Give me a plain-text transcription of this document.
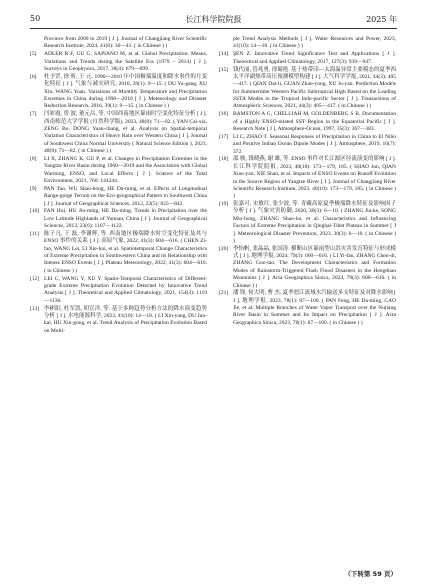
50	长江科学院院报	2025 年
Province from 2000 to 2019 [ J ]. Journal of Changjiang River Scientific Research Institute, 2024, 41(6): 36—41. ( in Chinese ) )
[5] ADLER R F, GU G, SAPIANO M, et al. Global Precipitation: Means, Variations and Trends during the Satellite Era (1979 – 2014) [ J ]. Surveys in Geophysics, 2017, 38(4): 679—699.
[6] 杜予罡, 徐 昕, 王 元. 1990—2010 年中国极端温度和降水事件的月变化特征 [ J ]. 气象与减灾研究, 2016, 39(1): 9—15. ( DU Yu-gang, XU Xin, WANG Yuan. Variations of Monthly Temperature and Precipitation Extremes in China during 1990—2010 [ J ]. Meteorology and Disaster Reduction Research, 2016, 39(1): 9—15. ( in Chinese ) )
[7] 闫彩霞, 曾 波, 董元昌, 等. 中国西南地区暴雨时空变化特征分析 [ J ]. 西南师范大学学报 (自然科学版), 2023, 48(8): 71—82. ( YAN Cai-xia, ZENG Bo, DONG Yuan-chang, et al. Analysis on Spatial-temporal Variation Characteristics of Heavy Rain over Western China [ J ]. Journal of Southwest China Normal University ( Natural Science Edition ), 2023, 48(8): 71—82. ( in Chinese ) )
[8] LI X, ZHANG K, GU P, et al. Changes in Precipitation Extremes in the Yangtze River Basin during 1960—2019 and the Association with Global Warming, ENSO, and Local Effects [ J ]. Science of the Total Environment, 2021, 760: 144244.
[9] PAN Tao, WU Shao-hong, HE Da-ming, et al. Effects of Longitudinal Range-gorge Terrain on the Eco-geographical Pattern in Southwest China [ J ]. Journal of Geographical Sciences, 2012, 22(5): 825—842.
[10] FAN Hui, HU Jin-ming, HE Da-ming. Trends in Precipitation over the Low Latitude Highlands of Yunnan, China [ J ]. Journal of Geographical Sciences, 2013, 23(6): 1107—1122.
[11] 陈子凡, 王 磊, 李谢辉, 等. 西南地区极端降水时空变化特征及其与 ENSO 事件的关系 [ J ]. 高原气象, 2022, 41(3): 604—616. ( CHEN Zi-fan, WANG Lei, LI Xie-hui, et al. Spatiotemporal Change Characteristics of Extreme Precipitation in Southwestern China and its Relationship with Intense ENSO Events [ J ]. Plateau Meteorology, 2022, 41(3): 604—616. ( in Chinese ) )
[12] LEI C, WANG Y, XU Y. Spatio-Temporal Characteristics of Different-grade Extreme Precipitation Evolution Detected by Innovative Trend Analysis [ J ]. Theoretical and Applied Climatology, 2021, 154(3): 1119—1136.
[13] 李彬阳, 杜军凯, 胡宣洋, 等. 基于多种趋势分析方法的降水演变趋势分析 [ J ]. 水电能源科学, 2023, 41(10): 14—18. ( LI Xin-yang, DU Jun-kai, HU Xin-gong, et al. Trend Analysis of Precipitation Evolution Based on Multi-
ple Trend Analysis Methods [ J ]. Water Resources and Power, 2023, 41(10): 14—18. ( in Chinese ) )
[14] ŞEN Z. Innovative Trend Significance Test and Applications [ J ]. Theoretical and Applied Climatology, 2017, 127(3): 939—947.
[15] 钱代丽, 管兆勇, 徐蜀艳. 基于热带印—太海温异常主要模态的夏季西太平洋副热带高压预测模型构建 [ J ]. 大气科学学报, 2021, 44(3): 405—417. ( QIAN Dai-li, GUAN Zhao-yong, XU Ju-yan. Prediction Models for Summertime Western Pacific Subtropical High Based on the Leading SSTA Modes in the Tropical Indo-pacific Sector [ J ]. Transactions of Atmospheric Sciences, 2021, 44(3): 405—417. ( in Chinese ) )
[16] BAMSTON A G, CHELLIAH M, GOLDENBERG S B. Documentation of a Highly ENSO-related SST Region in the Equatorial Pacific [ J ]. Research Note [ J ]. Atmosphere-Ocean, 1997, 35(3): 367—383.
[17] LI C, ZHAO T. Seasonal Responses of Precipitation in China to El Niño and Positive Indian Ocean Dipole Modes [ J ]. Atmosphere, 2019, 10(7): 372.
[18] 邵 骏, 钱晓燕, 谢 雄, 等. ENSO 事件对长江源区径流演变的影响 [ J ]. 长江科学院院报, 2023, 40(10): 173—179, 185. ( SHAO Jun, QIAN Xiao-yan, XIE Shan, et al. Impacts of ENSO Events on Runoff Evolution in the Source Region of Yangtze River [ J ]. Journal of Changjiang River Scientific Research Institute, 2023, 40(10): 173—179, 185. ( in Chinese ) )
[19] 张嘉可, 宋敏红, 张少波, 等. 青藏高原夏季极端降水特征及影响因子分析 [ J ]. 气象灾害防御, 2020, 30(3): 6—10. ( ZHANG Jia-ke, SONG Min-hong, ZHANG Shao-bo, et al. Characteristics and Influencing Factors of Extreme Precipitation in Qinghai-Tibet Plateau in Summer [ J ]. Meteorological Disaster Prevention, 2023, 30(3): 6—10. ( in Chinese ) )
[20] 李怡帆, 张晶晶, 张国涛. 横断山区暴雨型山洪灾害发育特征与形成模式 [ J ]. 地理学报, 2024, 79(3): 600—616. ( LI Yi-fan, ZHANG Chen-di, ZHANG Guo-tao. The Development Characteristics and Formation Modes of Rainstorm-Triggered Flash Flood Disasters in the Hengduan Mountains [ J ]. Acta Geographica Sinica, 2024, 79(3): 600—616. ( in Chinese ) )
[21] 潘 锋, 何大明, 曹 杰. 夏季怒江流域水汽输送多支特征及对降水影响 [ J ]. 地理学报, 2023, 78(1): 87—100. ( PAN Feng, HE Da-ming, CAO Jie, et al. Multiple Branches of Water Vapor Transport over the Nujiang River Basin in Summer and Its Impact on Precipitation [ J ]. Acta Geographica Sinica, 2023, 78(1): 87—100. ( in Chinese ) )
（下转第 59 页）
